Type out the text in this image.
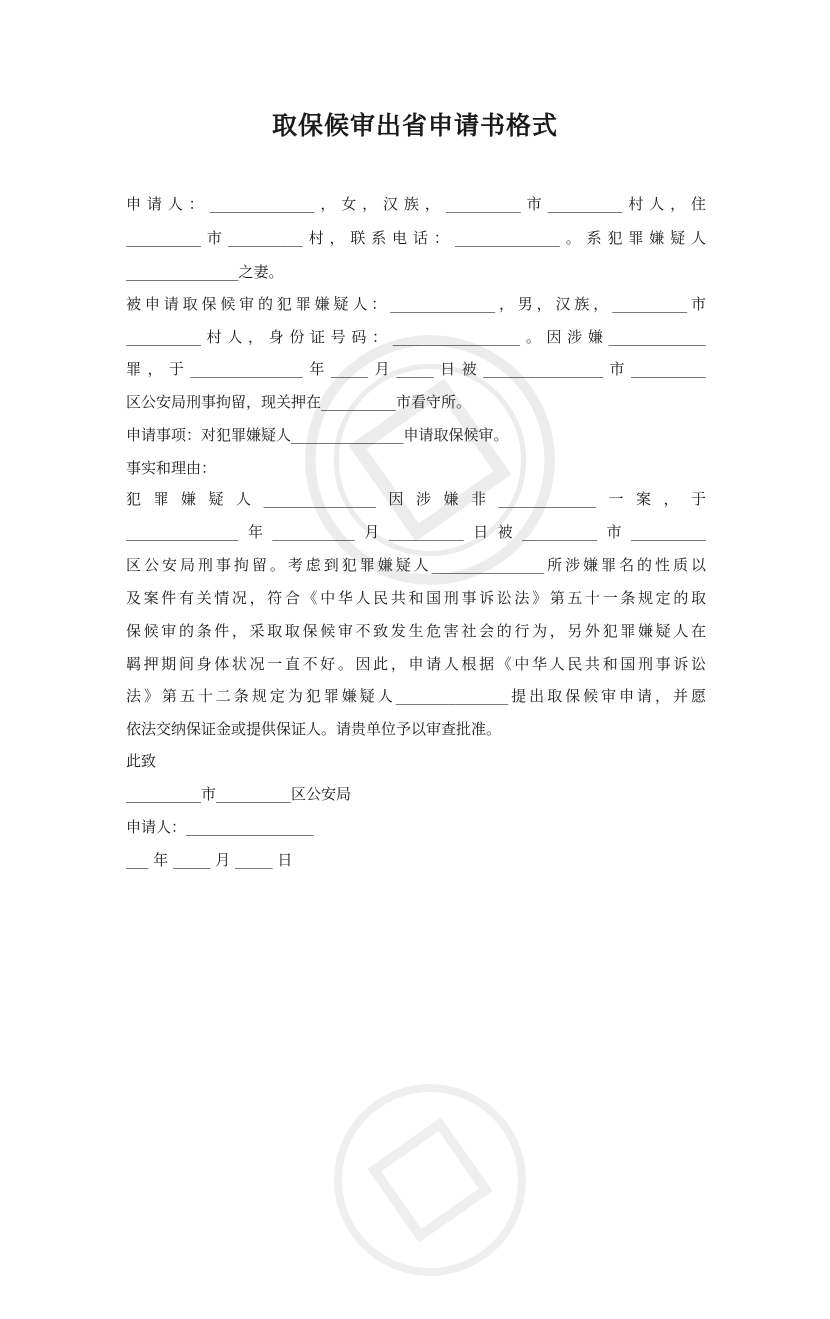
取保候审出省申请书格式
申请人：______________，女，汉族，__________市__________村人，住
__________市__________村，联系电话：______________。系犯罪嫌疑人
_______________之妻。
被申请取保候审的犯罪嫌疑人：______________，男，汉族，__________市
__________村人，身份证号码：_________________。因涉嫌_____________
罪，于_______________年_____月_____日被________________市__________
区公安局刑事拘留，现关押在__________市看守所。
申请事项：对犯罪嫌疑人_______________申请取保候审。
事实和理由：
犯罪嫌疑人_______________因涉嫌非_____________一案，于
_______________年___________月__________日被__________市__________
区公安局刑事拘留。考虑到犯罪嫌疑人_______________所涉嫌罪名的性质以
及案件有关情况，符合《中华人民共和国刑事诉讼法》第五十一条规定的取
保候审的条件，采取取保候审不致发生危害社会的行为，另外犯罪嫌疑人在
羁押期间身体状况一直不好。因此，申请人根据《中华人民共和国刑事诉讼
法》第五十二条规定为犯罪嫌疑人_______________提出取保候审申请，并愿
依法交纳保证金或提供保证人。请贵单位予以审查批准。
此致
__________市__________区公安局
申请人：_________________
___ 年 _____ 月 _____ 日
